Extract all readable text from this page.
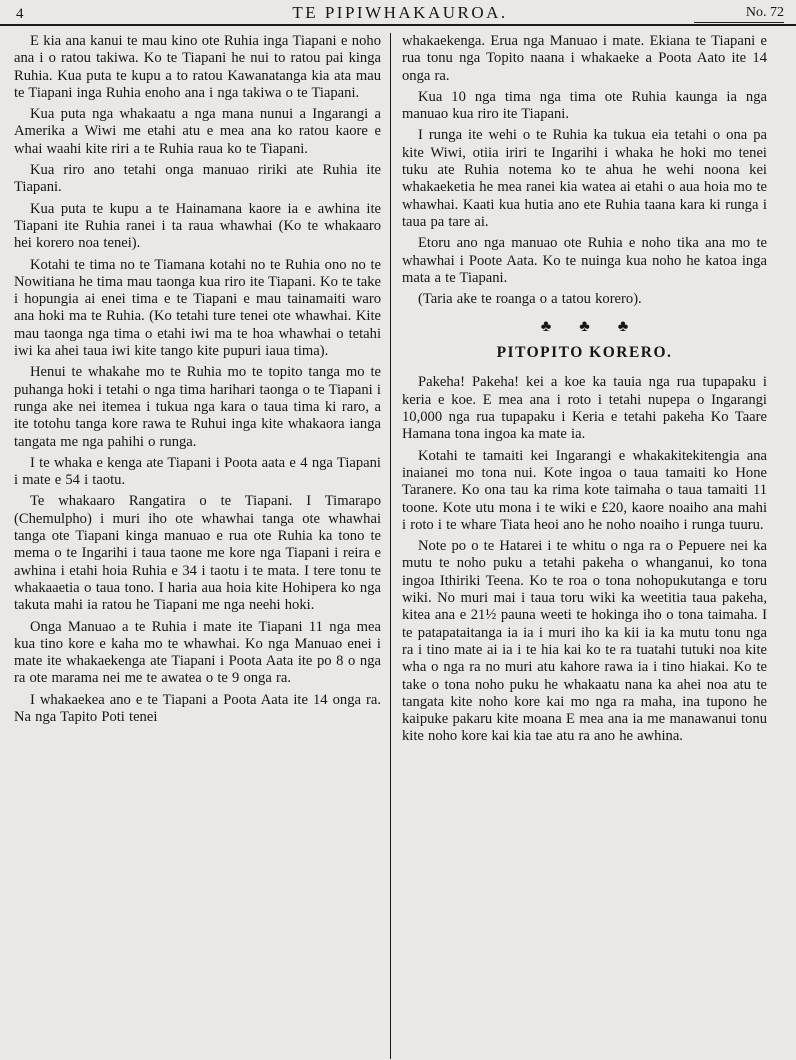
4	TE PIPIWHAKAUROA.	No. 72

E kia ana kanui te mau kino ote Ruhia inga Tiapani e noho ana i o ratou takiwa. Ko te Tiapani he nui to ratou pai kinga Ruhia. Kua puta te kupu a to ratou Kawanatanga kia ata mau te Tiapani inga Ruhia enoho ana i nga takiwa o te Tiapani.

Kua puta nga whakaatu a nga mana nunui a Ingarangi a Amerika a Wiwi me etahi atu e mea ana ko ratou kaore e whai waahi kite riri a te Ruhia raua ko te Tiapani.

Kua riro ano tetahi onga manuao ririki ate Ruhia ite Tiapani.

Kua puta te kupu a te Hainamana kaore ia e awhina ite Tiapani ite Ruhia ranei i ta raua whawhai (Ko te whakaaro hei korero noa tenei).

Kotahi te tima no te Tiamana kotahi no te Ruhia ono no te Nowitiana he tima mau taonga kua riro ite Tiapani. Ko te take i hopungia ai enei tima e te Tiapani e mau tainamaiti waro ana hoki ma te Ruhia. (Ko tetahi ture tenei ote whawhai. Kite mau taonga nga tima o etahi iwi ma te hoa whawhai o tetahi iwi ka ahei taua iwi kite tango kite pupuri iaua tima).

Henui te whakahe mo te Ruhia mo te topito tanga mo te puhanga hoki i tetahi o nga tima harihari taonga o te Tiapani i runga ake nei itemea i tukua nga kara o taua tima ki raro, a ite totohu tanga kore rawa te Ruhui inga kite whakaora ianga tangata me nga pahihi o runga.

I te whaka e kenga ate Tiapani i Poota aata e 4 nga Tiapani i mate e 54 i taotu.

Te whakaaro Rangatira o te Tiapani. I Timarapo (Chemulpho) i muri iho ote whawhai tanga ote whawhai tanga ote Tiapani kinga manuao e rua ote Ruhia ka tono te mema o te Ingarihi i taua taone me kore nga Tiapani i reira e awhina i etahi hoia Ruhia e 34 i taotu i te mata. I tere tonu te whakaaetia o taua tono. I haria aua hoia kite Hohipera ko nga takuta mahi ia ratou he Tiapani me nga neehi hoki.

Onga Manuao a te Ruhia i mate ite Tiapani 11 nga mea kua tino kore e kaha mo te whawhai. Ko nga Manuao enei i mate ite whakaekenga ate Tiapani i Poota Aata ite po 8 o nga ra ote marama nei me te awatea o te 9 onga ra.

I whakaekea ano e te Tiapani a Poota Aata ite 14 onga ra. Na nga Tapito Poti tenei

whakaekenga. Erua nga Manuao i mate. Ekiana te Tiapani e rua tonu nga Topito naana i whakaeke a Poota Aato ite 14 onga ra.

Kua 10 nga tima nga tima ote Ruhia kaunga ia nga manuao kua riro ite Tiapani.

I runga ite wehi o te Ruhia ka tukua eia tetahi o ona pa kite Wiwi, otiia iriri te Ingarihi i whaka he hoki mo tenei tuku ate Ruhia notema ko te ahua he wehi noona kei whakaeketia he mea ranei kia watea ai etahi o aua hoia mo te whawhai. Kaati kua hutia ano ete Ruhia taana kara ki runga i taua pa tare ai.

Etoru ano nga manuao ote Ruhia e noho tika ana mo te whawhai i Poote Aata. Ko te nuinga kua noho he katoa inga mata a te Tiapani.

(Taria ake te roanga o a tatou korero).

♣ ♣ ♣
PITOPITO KORERO.

Pakeha! Pakeha! kei a koe ka tauia nga rua tupapaku i keria e koe. E mea ana i roto i tetahi nupepa o Ingarangi 10,000 nga rua tupapaku i Keria e tetahi pakeha Ko Taare Hamana tona ingoa ka mate ia.

Kotahi te tamaiti kei Ingarangi e whakakitekitengia ana inaianei mo tona nui. Kote ingoa o taua tamaiti ko Hone Taranere. Ko ona tau ka rima kote taimaha o taua tamaiti 11 toone. Kote utu mona i te wiki e £20, kaore noaiho ana mahi i roto i te whare Tiata heoi ano he noho noaiho i runga tuuru.

Note po o te Hatarei i te whitu o nga ra o Pepuere nei ka mutu te noho puku a tetahi pakeha o whanganui, ko tona ingoa Ithiriki Teena. Ko te roa o tona nohopukutanga e toru wiki. No muri mai i taua toru wiki ka weetitia taua pakeha, kitea ana e 21½ pauna weeti te hokinga iho o tona taimaha. I te patapataitanga ia ia i muri iho ka kii ia ka mutu tonu nga ra i tino mate ai ia i te hia kai ko te ra tuatahi tutuki noa kite wha o nga ra no muri atu kahore rawa ia i tino hiakai. Ko te take o tona noho puku he whakaatu nana ka ahei noa atu te tangata kite noho kore kai mo nga ra maha, ina tupono he kaipuke pakaru kite moana E mea ana ia me manawanui tonu kite noho kore kai kia tae atu ra ano he awhina.
